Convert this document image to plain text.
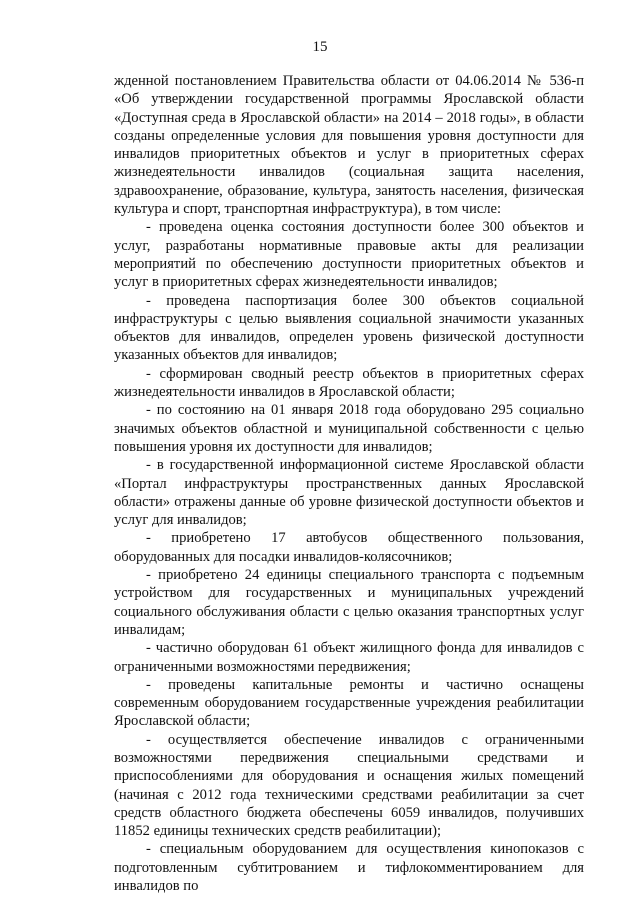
15

жденной постановлением Правительства области от 04.06.2014 № 536-п «Об утверждении государственной программы Ярославской области «Доступная среда в Ярославской области» на 2014 – 2018 годы», в области созданы определенные условия для повышения уровня доступности для инвалидов приоритетных объектов и услуг в приоритетных сферах жизнедеятельности инвалидов (социальная защита населения, здравоохранение, образование, культура, занятость населения, физическая культура и спорт, транспортная инфраструктура), в том числе:

- проведена оценка состояния доступности более 300 объектов и услуг, разработаны нормативные правовые акты для реализации мероприятий по обеспечению доступности приоритетных объектов и услуг в приоритетных сферах жизнедеятельности инвалидов;

- проведена паспортизация более 300 объектов социальной инфраструктуры с целью выявления социальной значимости указанных объектов для инвалидов, определен уровень физической доступности указанных объектов для инвалидов;

- сформирован сводный реестр объектов в приоритетных сферах жизнедеятельности инвалидов в Ярославской области;

- по состоянию на 01 января 2018 года оборудовано 295 социально значимых объектов областной и муниципальной собственности с целью повышения уровня их доступности для инвалидов;

- в государственной информационной системе Ярославской области «Портал инфраструктуры пространственных данных Ярославской области» отражены данные об уровне физической доступности объектов и услуг для инвалидов;

- приобретено 17 автобусов общественного пользования, оборудованных для посадки инвалидов-колясочников;

- приобретено 24 единицы специального транспорта с подъемным устройством для государственных и муниципальных учреждений социального обслуживания области с целью оказания транспортных услуг инвалидам;

- частично оборудован 61 объект жилищного фонда для инвалидов с ограниченными возможностями передвижения;

- проведены капитальные ремонты и частично оснащены современным оборудованием государственные учреждения реабилитации Ярославской области;

- осуществляется обеспечение инвалидов с ограниченными возможностями передвижения специальными средствами и приспособлениями для оборудования и оснащения жилых помещений (начиная с 2012 года техническими средствами реабилитации за счет средств областного бюджета обеспечены 6059 инвалидов, получивших 11852 единицы технических средств реабилитации);

- специальным оборудованием для осуществления кинопоказов с подготовленным субтитрованием и тифлокомментированием для инвалидов по
